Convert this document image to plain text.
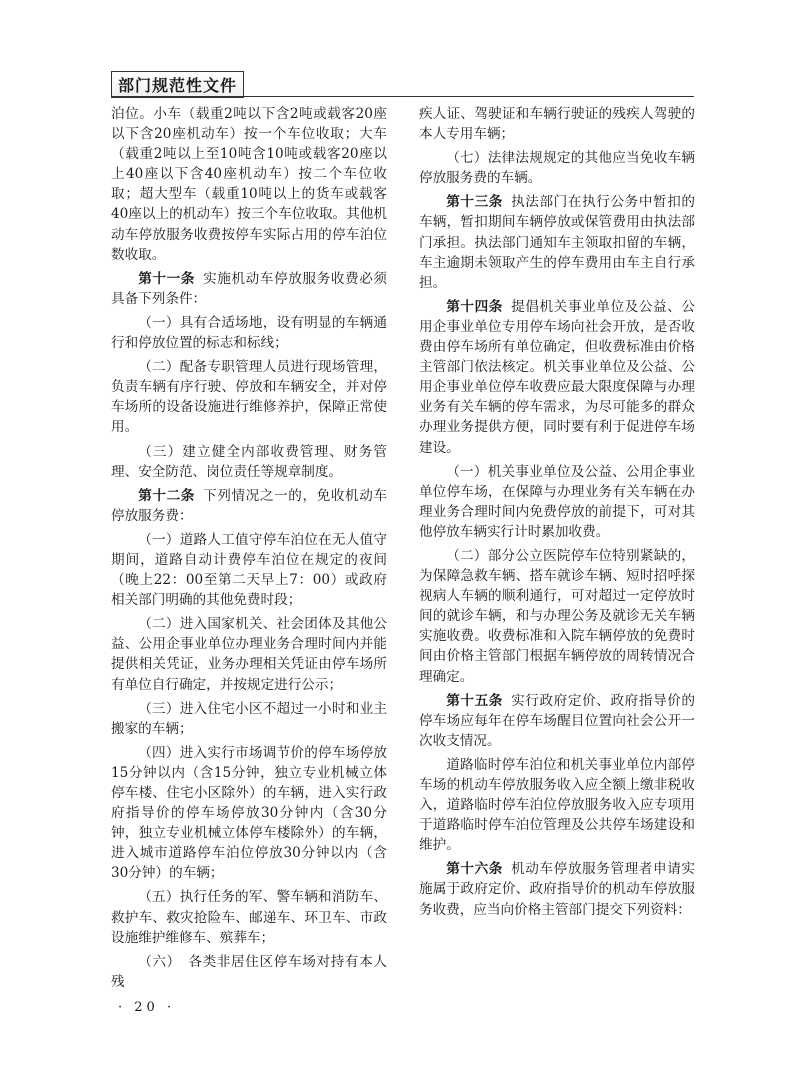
部门规范性文件

泊位。小车（载重2吨以下含2吨或载客20座以下含20座机动车）按一个车位收取；大车（载重2吨以上至10吨含10吨或载客20座以上40座以下含40座机动车）按二个车位收取；超大型车（载重10吨以上的货车或载客40座以上的机动车）按三个车位收取。其他机动车停放服务收费按停车实际占用的停车泊位数收取。

第十一条 实施机动车停放服务收费必须具备下列条件：

（一）具有合适场地，设有明显的车辆通行和停放位置的标志和标线；

（二）配备专职管理人员进行现场管理，负责车辆有序行驶、停放和车辆安全，并对停车场所的设备设施进行维修养护，保障正常使用。

（三）建立健全内部收费管理、财务管理、安全防范、岗位责任等规章制度。

第十二条 下列情况之一的，免收机动车停放服务费：

（一）道路人工值守停车泊位在无人值守期间，道路自动计费停车泊位在规定的夜间（晚上22：00至第二天早上7：00）或政府相关部门明确的其他免费时段；

（二）进入国家机关、社会团体及其他公益、公用企事业单位办理业务合理时间内并能提供相关凭证，业务办理相关凭证由停车场所有单位自行确定，并按规定进行公示；

（三）进入住宅小区不超过一小时和业主搬家的车辆；

（四）进入实行市场调节价的停车场停放15分钟以内（含15分钟，独立专业机械立体停车楼、住宅小区除外）的车辆，进入实行政府指导价的停车场停放30分钟内（含30分钟，独立专业机械立体停车楼除外）的车辆，进入城市道路停车泊位停放30分钟以内（含30分钟）的车辆；

（五）执行任务的军、警车辆和消防车、救护车、救灾抢险车、邮递车、环卫车、市政设施维护维修车、殡葬车；

（六）　各类非居住区停车场对持有本人残

疾人证、驾驶证和车辆行驶证的残疾人驾驶的本人专用车辆；

（七）法律法规规定的其他应当免收车辆停放服务费的车辆。

第十三条 执法部门在执行公务中暂扣的车辆，暂扣期间车辆停放或保管费用由执法部门承担。执法部门通知车主领取扣留的车辆，车主逾期未领取产生的停车费用由车主自行承担。

第十四条 提倡机关事业单位及公益、公用企事业单位专用停车场向社会开放，是否收费由停车场所有单位确定，但收费标准由价格主管部门依法核定。机关事业单位及公益、公用企事业单位停车收费应最大限度保障与办理业务有关车辆的停车需求，为尽可能多的群众办理业务提供方便，同时要有利于促进停车场建设。

（一）机关事业单位及公益、公用企事业单位停车场，在保障与办理业务有关车辆在办理业务合理时间内免费停放的前提下，可对其他停放车辆实行计时累加收费。

（二）部分公立医院停车位特别紧缺的，为保障急救车辆、搭车就诊车辆、短时招呼探视病人车辆的顺利通行，可对超过一定停放时间的就诊车辆，和与办理公务及就诊无关车辆实施收费。收费标准和入院车辆停放的免费时间由价格主管部门根据车辆停放的周转情况合理确定。

第十五条 实行政府定价、政府指导价的停车场应每年在停车场醒目位置向社会公开一次收支情况。

道路临时停车泊位和机关事业单位内部停车场的机动车停放服务收入应全额上缴非税收入，道路临时停车泊位停放服务收入应专项用于道路临时停车泊位管理及公共停车场建设和维护。

第十六条 机动车停放服务管理者申请实施属于政府定价、政府指导价的机动车停放服务收费，应当向价格主管部门提交下列资料：

· 20 ·
